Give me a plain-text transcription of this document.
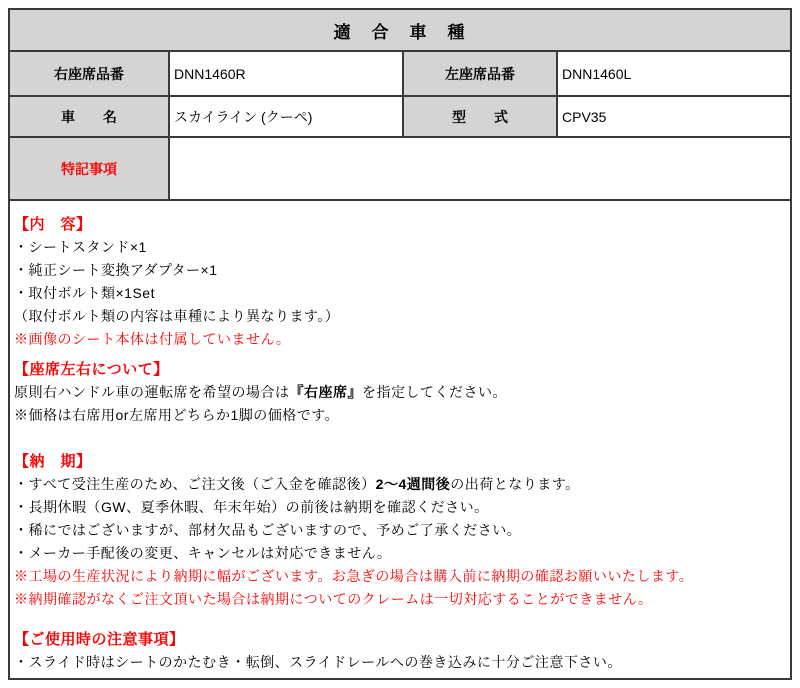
適　合　車　種
右座席品番	DNN1460R	左座席品番	DNN1460L
車　　名	スカイライン (クーペ)	型　　式	CPV35
特記事項

【内　容】

・シートスタンド×1

・純正シート変換アダプター×1

・取付ボルト類×1Set

（取付ボルト類の内容は車種により異なります。）

※画像のシート本体は付属していません。

【座席左右について】

原則右ハンドル車の運転席を希望の場合は『右座席』を指定してください。

※価格は右席用or左席用どちらか1脚の価格です。

【納　期】

・すべて受注生産のため、ご注文後（ご入金を確認後）2～4週間後の出荷となります。

・長期休暇（GW、夏季休暇、年末年始）の前後は納期を確認ください。

・稀にではございますが、部材欠品もございますので、予めご了承ください。

・メーカー手配後の変更、キャンセルは対応できません。

※工場の生産状況により納期に幅がございます。お急ぎの場合は購入前に納期の確認お願いいたします。

※納期確認がなくご注文頂いた場合は納期についてのクレームは一切対応することができません。

【ご使用時の注意事項】

・スライド時はシートのかたむき・転倒、スライドレールへの巻き込みに十分ご注意下さい。
